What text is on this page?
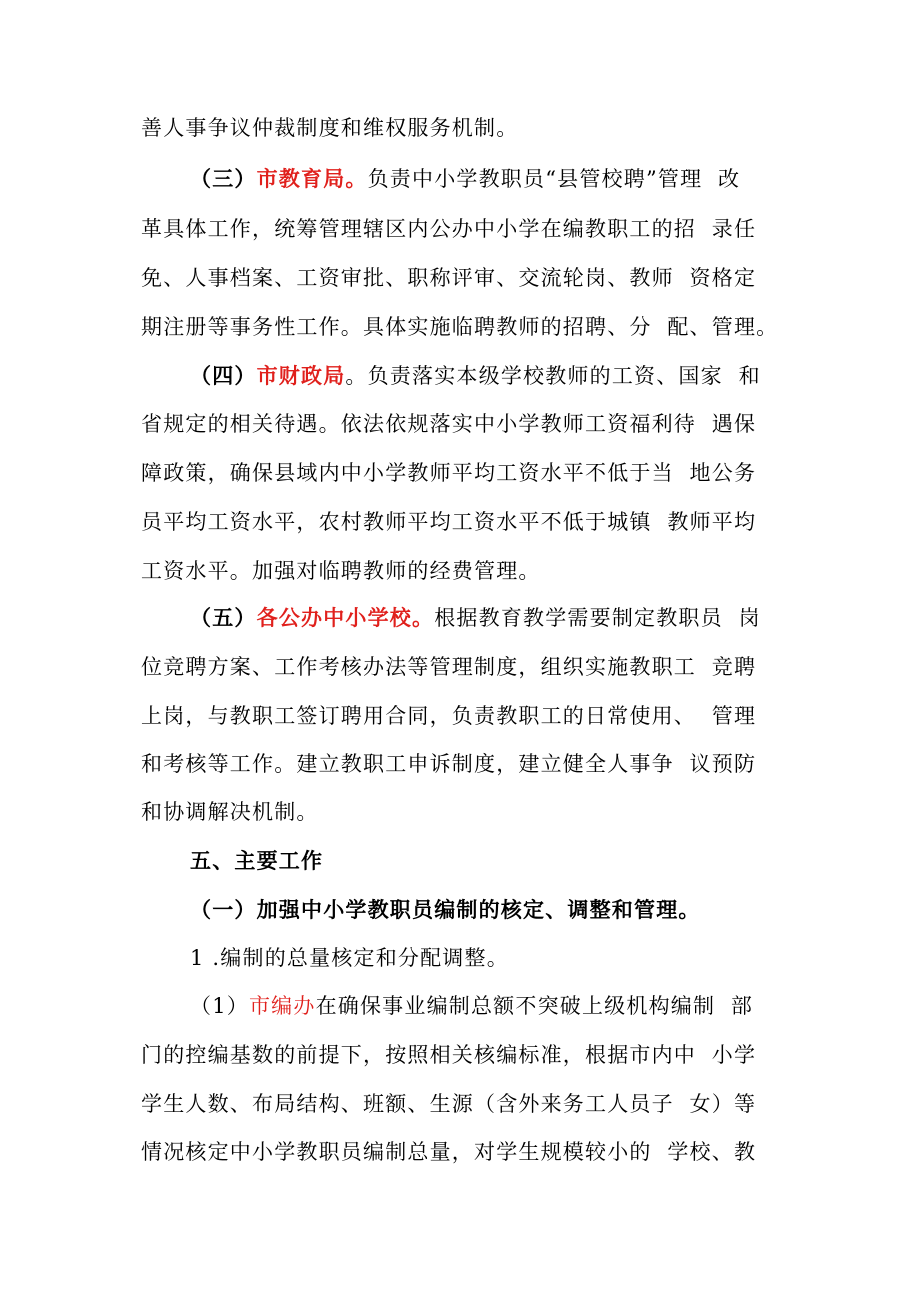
善人事争议仲裁制度和维权服务机制。
（三）市教育局。负责中小学教职员“县管校聘”管理  改
革具体工作，统筹管理辖区内公办中小学在编教职工的招  录任
免、人事档案、工资审批、职称评审、交流轮岗、教师  资格定
期注册等事务性工作。具体实施临聘教师的招聘、分  配、管理。
（四）市财政局。负责落实本级学校教师的工资、国家  和
省规定的相关待遇。依法依规落实中小学教师工资福利待  遇保
障政策，确保县域内中小学教师平均工资水平不低于当  地公务
员平均工资水平，农村教师平均工资水平不低于城镇  教师平均
工资水平。加强对临聘教师的经费管理。
（五）各公办中小学校。根据教育教学需要制定教职员  岗
位竞聘方案、工作考核办法等管理制度，组织实施教职工  竞聘
上岗，与教职工签订聘用合同，负责教职工的日常使用、  管理
和考核等工作。建立教职工申诉制度，建立健全人事争  议预防
和协调解决机制。
五、主要工作
（一）加强中小学教职员编制的核定、调整和管理。
1 .编制的总量核定和分配调整。
（1）市编办在确保事业编制总额不突破上级机构编制  部
门的控编基数的前提下，按照相关核编标准，根据市内中  小学
学生人数、布局结构、班额、生源（含外来务工人员子  女）等
情况核定中小学教职员编制总量，对学生规模较小的  学校、教
